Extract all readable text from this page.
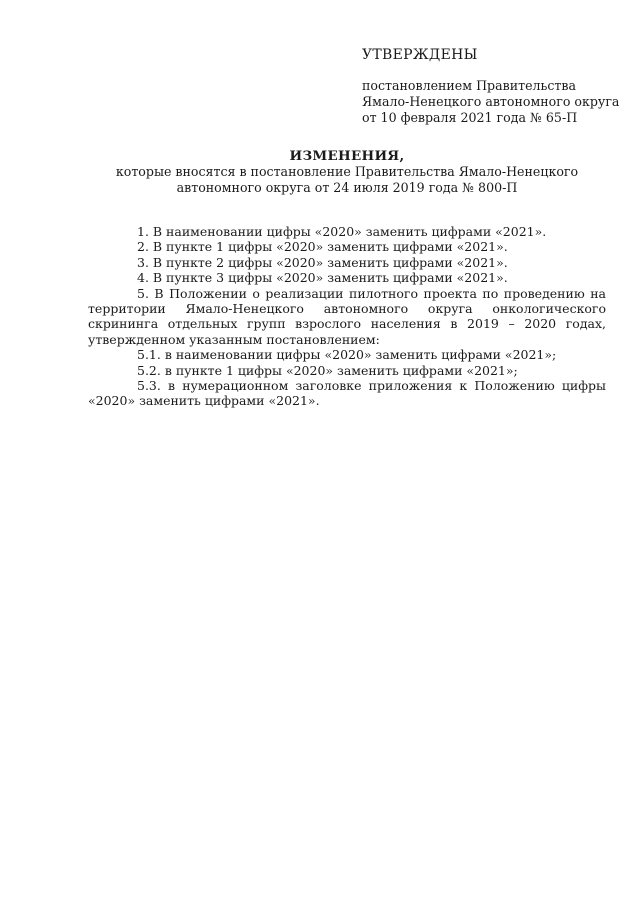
УТВЕРЖДЕНЫ
постановлением Правительства
Ямало-Ненецкого автономного округа
от 10 февраля 2021 года № 65-П
ИЗМЕНЕНИЯ,
которые вносятся в постановление Правительства Ямало-Ненецкого
автономного округа от 24 июля 2019 года № 800-П

1. В наименовании цифры «2020» заменить цифрами «2021».

2. В пункте 1 цифры «2020» заменить цифрами «2021».

3. В пункте 2 цифры «2020» заменить цифрами «2021».

4. В пункте 3 цифры «2020» заменить цифрами «2021».

5. В Положении о реализации пилотного проекта по проведению на территории Ямало-Ненецкого автономного округа онкологического скрининга отдельных групп взрослого населения в 2019 – 2020 годах, утвержденном указанным постановлением:

5.1. в наименовании цифры «2020» заменить цифрами «2021»;

5.2. в пункте 1 цифры «2020» заменить цифрами «2021»;

5.3. в нумерационном заголовке приложения к Положению цифры «2020» заменить цифрами «2021».
